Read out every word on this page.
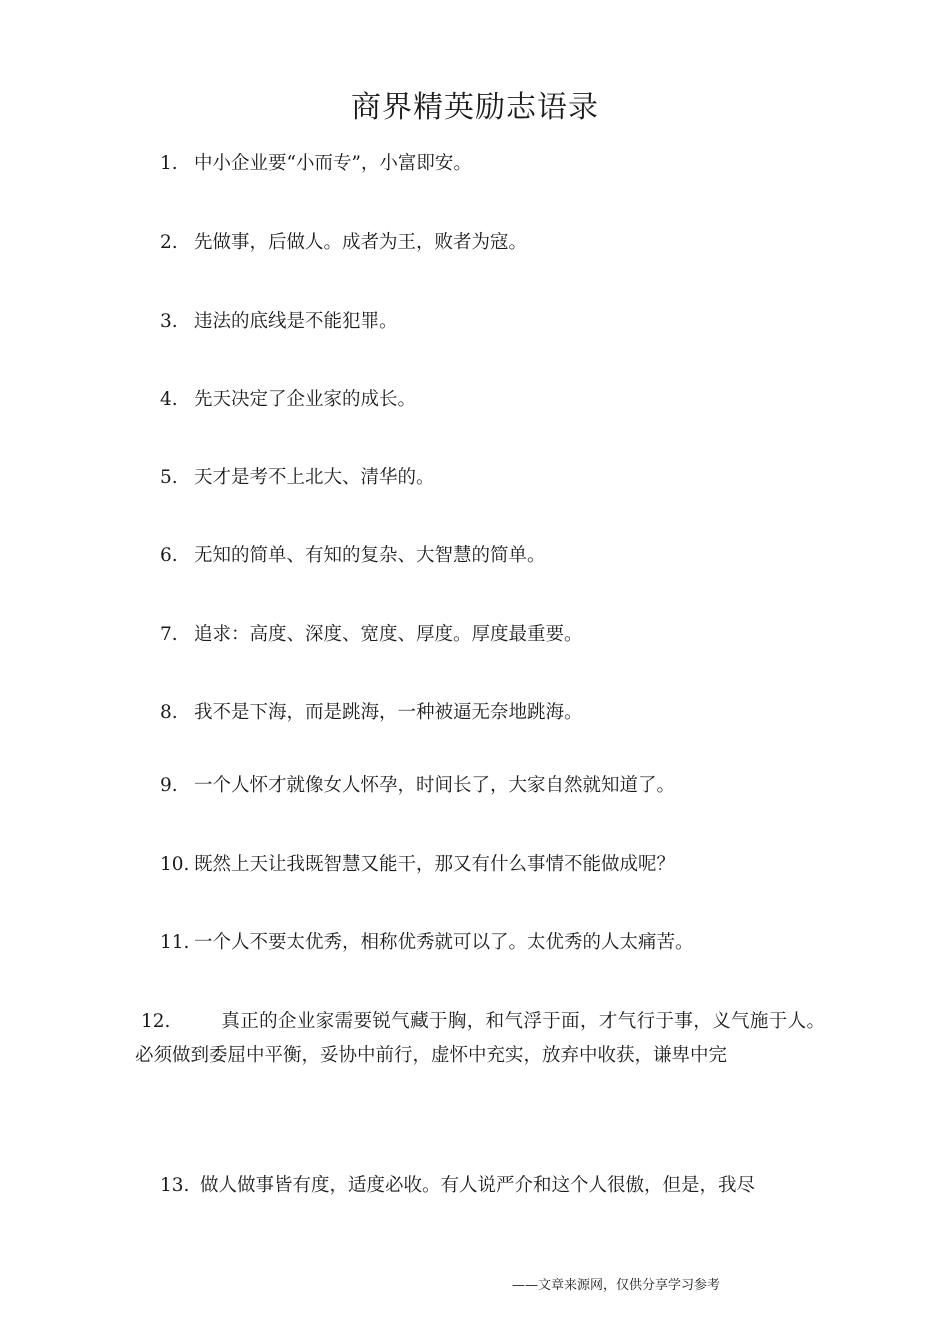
商界精英励志语录
1. 中小企业要“小而专”，小富即安。
2. 先做事，后做人。成者为王，败者为寇。
3. 违法的底线是不能犯罪。
4. 先天决定了企业家的成长。
5. 天才是考不上北大、清华的。
6. 无知的简单、有知的复杂、大智慧的简单。
7. 追求：高度、深度、宽度、厚度。厚度最重要。
8. 我不是下海，而是跳海，一种被逼无奈地跳海。
9. 一个人怀才就像女人怀孕，时间长了，大家自然就知道了。
10. 既然上天让我既智慧又能干，那又有什么事情不能做成呢？
11. 一个人不要太优秀，相称优秀就可以了。太优秀的人太痛苦。
12.	真正的企业家需要锐气藏于胸，和气浮于面，才气行于事，义气施于人。必须做到委屈中平衡，妥协中前行，虚怀中充实，放弃中收获，谦卑中完
13. 做人做事皆有度，适度必收。有人说严介和这个人很傲，但是，我尽
——文章来源网，仅供分享学习参考
